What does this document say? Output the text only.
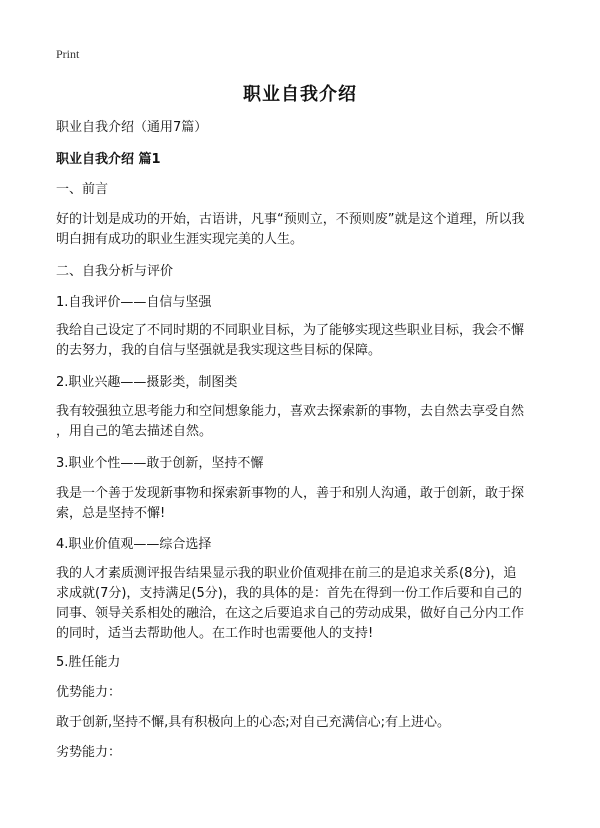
Print
职业自我介绍
职业自我介绍（通用7篇）
职业自我介绍 篇1
一、前言
好的计划是成功的开始，古语讲，凡事“预则立，不预则废”就是这个道理，所以我
明白拥有成功的职业生涯实现完美的人生。
二、自我分析与评价
1.自我评价——自信与坚强
我给自己设定了不同时期的不同职业目标，为了能够实现这些职业目标，我会不懈
的去努力，我的自信与坚强就是我实现这些目标的保障。
2.职业兴趣——摄影类，制图类
我有较强独立思考能力和空间想象能力，喜欢去探索新的事物，去自然去享受自然
，用自己的笔去描述自然。
3.职业个性——敢于创新，坚持不懈
我是一个善于发现新事物和探索新事物的人，善于和别人沟通，敢于创新，敢于探
索，总是坚持不懈!
4.职业价值观——综合选择
我的人才素质测评报告结果显示我的职业价值观排在前三的是追求关系(8分)，追
求成就(7分)，支持满足(5分)，我的具体的是：首先在得到一份工作后要和自己的
同事、领导关系相处的融洽，在这之后要追求自己的劳动成果，做好自己分内工作
的同时，适当去帮助他人。在工作时也需要他人的支持!
5.胜任能力
优势能力：
敢于创新,坚持不懈,具有积极向上的心态;对自己充满信心;有上进心。
劣势能力：
